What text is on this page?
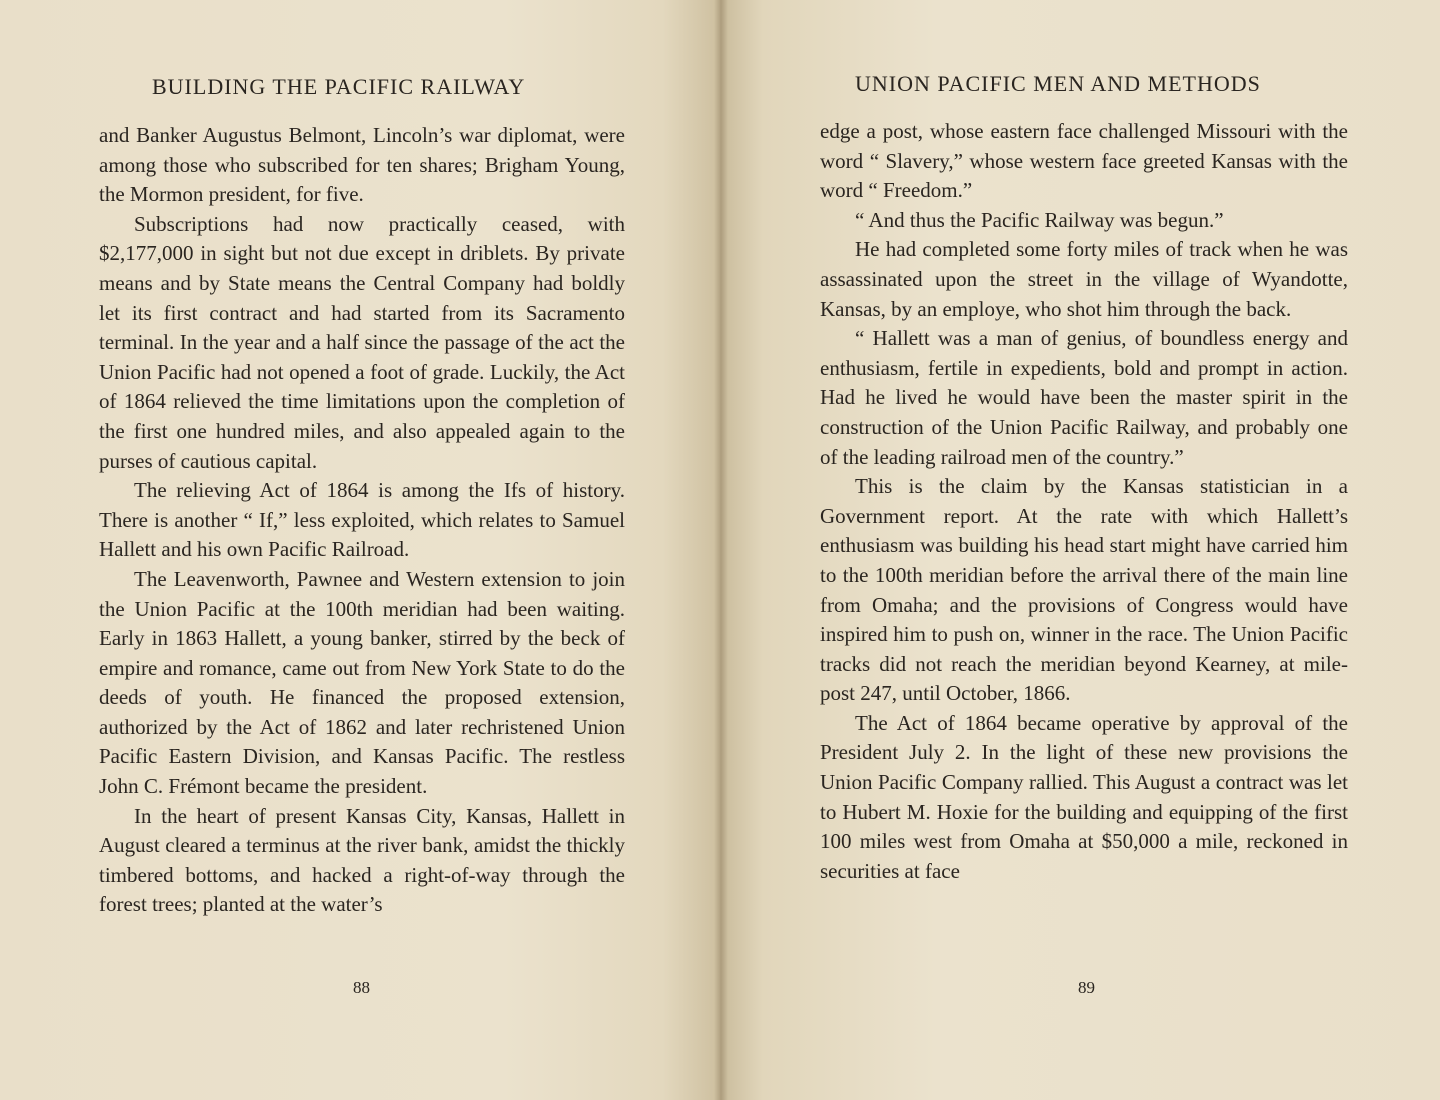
BUILDING THE PACIFIC RAILWAY

and Banker Augustus Belmont, Lincoln’s war diplomat, were among those who subscribed for ten shares; Brigham Young, the Mormon president, for five.

Subscriptions had now practically ceased, with $2,177,000 in sight but not due except in driblets. By private means and by State means the Central Company had boldly let its first contract and had started from its Sacramento terminal. In the year and a half since the passage of the act the Union Pacific had not opened a foot of grade. Luckily, the Act of 1864 relieved the time limitations upon the completion of the first one hundred miles, and also appealed again to the purses of cautious capital.

The relieving Act of 1864 is among the Ifs of history. There is another “ If,” less exploited, which relates to Samuel Hallett and his own Pacific Railroad.

The Leavenworth, Pawnee and Western extension to join the Union Pacific at the 100th meridian had been waiting. Early in 1863 Hallett, a young banker, stirred by the beck of empire and romance, came out from New York State to do the deeds of youth. He financed the proposed extension, authorized by the Act of 1862 and later rechristened Union Pacific Eastern Division, and Kansas Pacific. The restless John C. Frémont became the president.

In the heart of present Kansas City, Kansas, Hallett in August cleared a terminus at the river bank, amidst the thickly timbered bottoms, and hacked a right-of-way through the forest trees; planted at the water’s

88
UNION PACIFIC MEN AND METHODS

edge a post, whose eastern face challenged Missouri with the word “ Slavery,” whose western face greeted Kansas with the word “ Freedom.”

“ And thus the Pacific Railway was begun.”

He had completed some forty miles of track when he was assassinated upon the street in the village of Wyandotte, Kansas, by an employe, who shot him through the back.

“ Hallett was a man of genius, of boundless energy and enthusiasm, fertile in expedients, bold and prompt in action. Had he lived he would have been the master spirit in the construction of the Union Pacific Railway, and probably one of the leading railroad men of the country.”

This is the claim by the Kansas statistician in a Government report. At the rate with which Hallett’s enthusiasm was building his head start might have carried him to the 100th meridian before the arrival there of the main line from Omaha; and the provisions of Congress would have inspired him to push on, winner in the race. The Union Pacific tracks did not reach the meridian beyond Kearney, at mile-post 247, until October, 1866.

The Act of 1864 became operative by approval of the President July 2. In the light of these new provisions the Union Pacific Company rallied. This August a contract was let to Hubert M. Hoxie for the building and equipping of the first 100 miles west from Omaha at $50,000 a mile, reckoned in securities at face

89
